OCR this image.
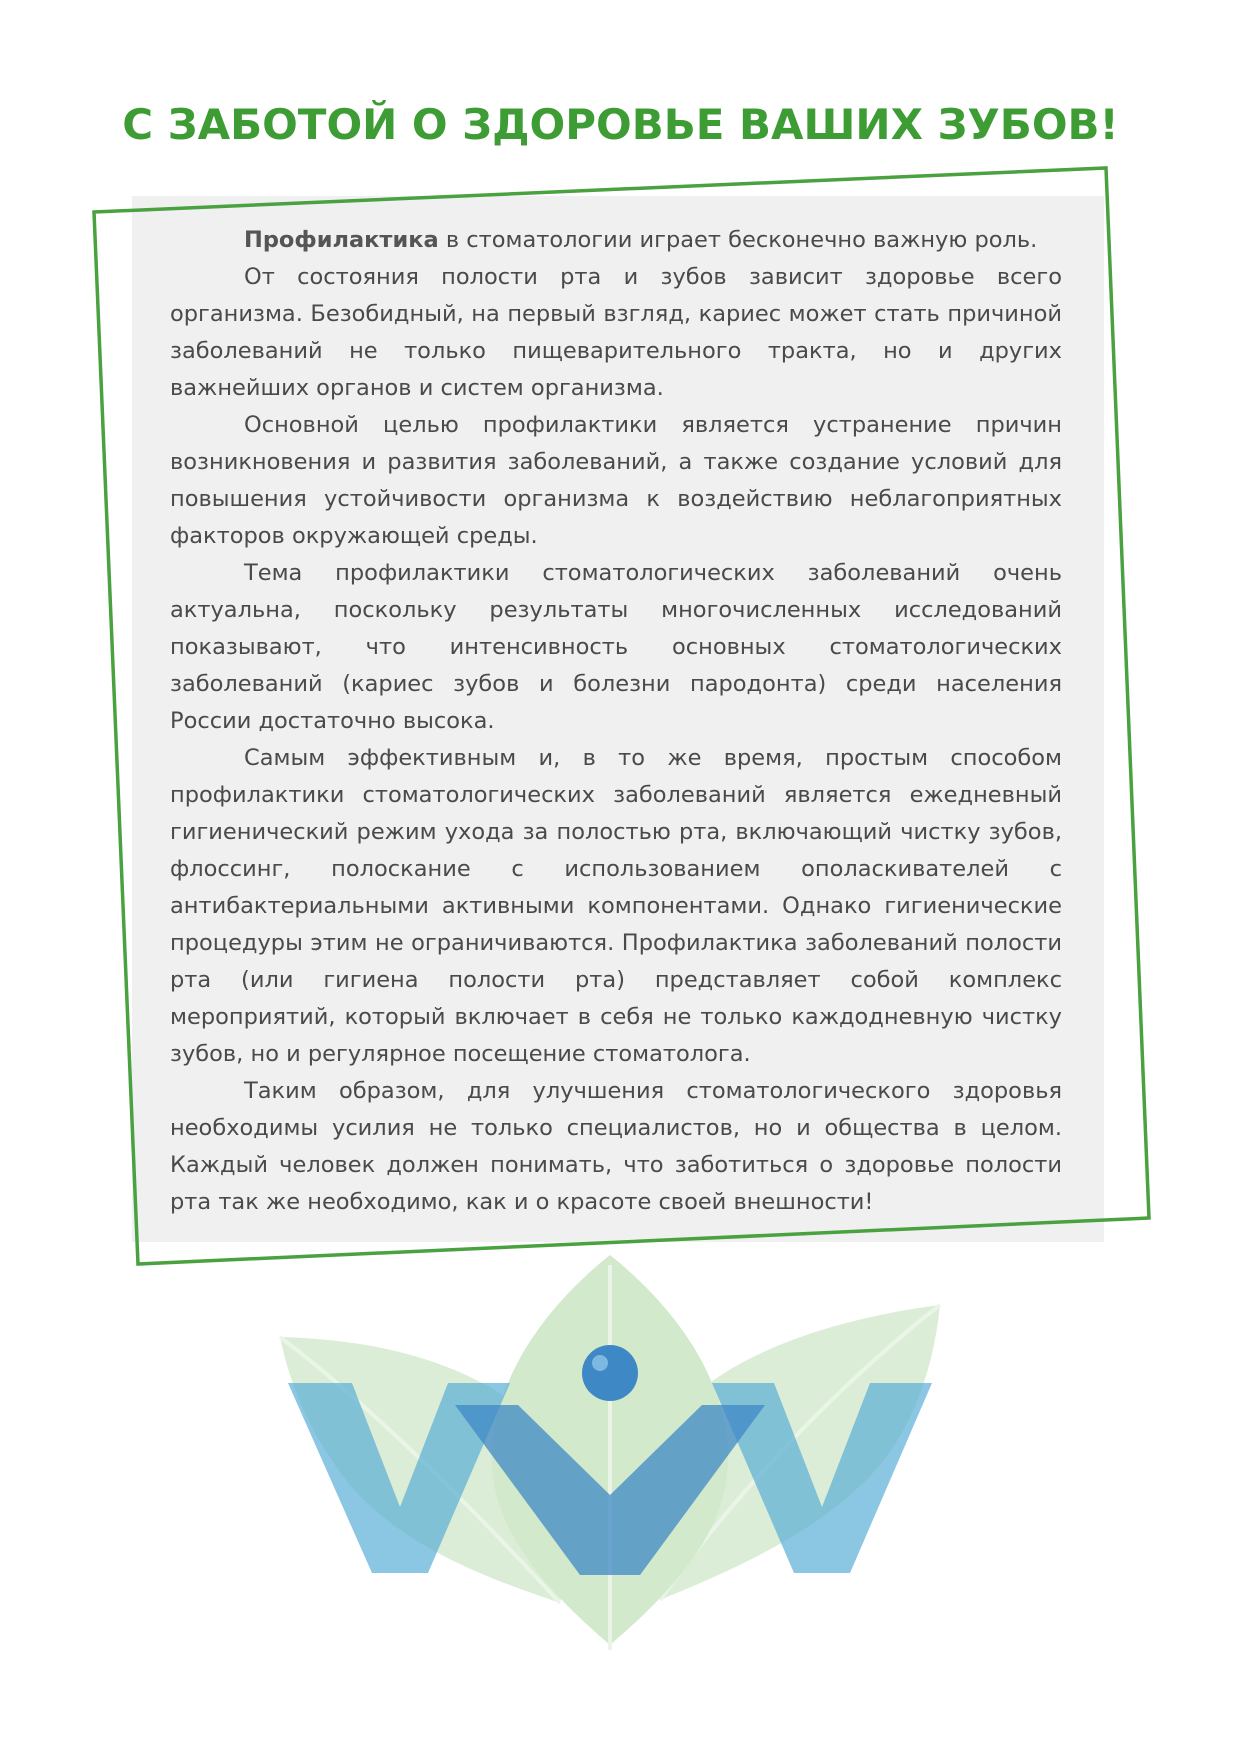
С ЗАБОТОЙ О ЗДОРОВЬЕ ВАШИХ ЗУБОВ!

Профилактика в стоматологии играет бесконечно важную роль.

От состояния полости рта и зубов зависит здоровье всего организма. Безобидный, на первый взгляд, кариес может стать причиной заболеваний не только пищеварительного тракта, но и других важнейших органов и систем организма.

Основной целью профилактики является устранение причин возникновения и развития заболеваний, а также создание условий для повышения устойчивости организма к воздействию неблагоприятных факторов окружающей среды.

Тема профилактики стоматологических заболеваний очень актуальна, поскольку результаты многочисленных исследований показывают, что интенсивность основных стоматологических заболеваний (кариес зубов и болезни пародонта) среди населения России достаточно высока.

Самым эффективным и, в то же время, простым способом профилактики стоматологических заболеваний является ежедневный гигиенический режим ухода за полостью рта, включающий чистку зубов, флоссинг, полоскание с использованием ополаскивателей с антибактериальными активными компонентами. Однако гигиенические процедуры этим не ограничиваются. Профилактика заболеваний полости рта (или гигиена полости рта) представляет собой комплекс мероприятий, который включает в себя не только каждодневную чистку зубов, но и регулярное посещение стоматолога.

Таким образом, для улучшения стоматологического здоровья необходимы усилия не только специалистов, но и общества в целом. Каждый человек должен понимать, что заботиться о здоровье полости рта так же необходимо, как и о красоте своей внешности!
